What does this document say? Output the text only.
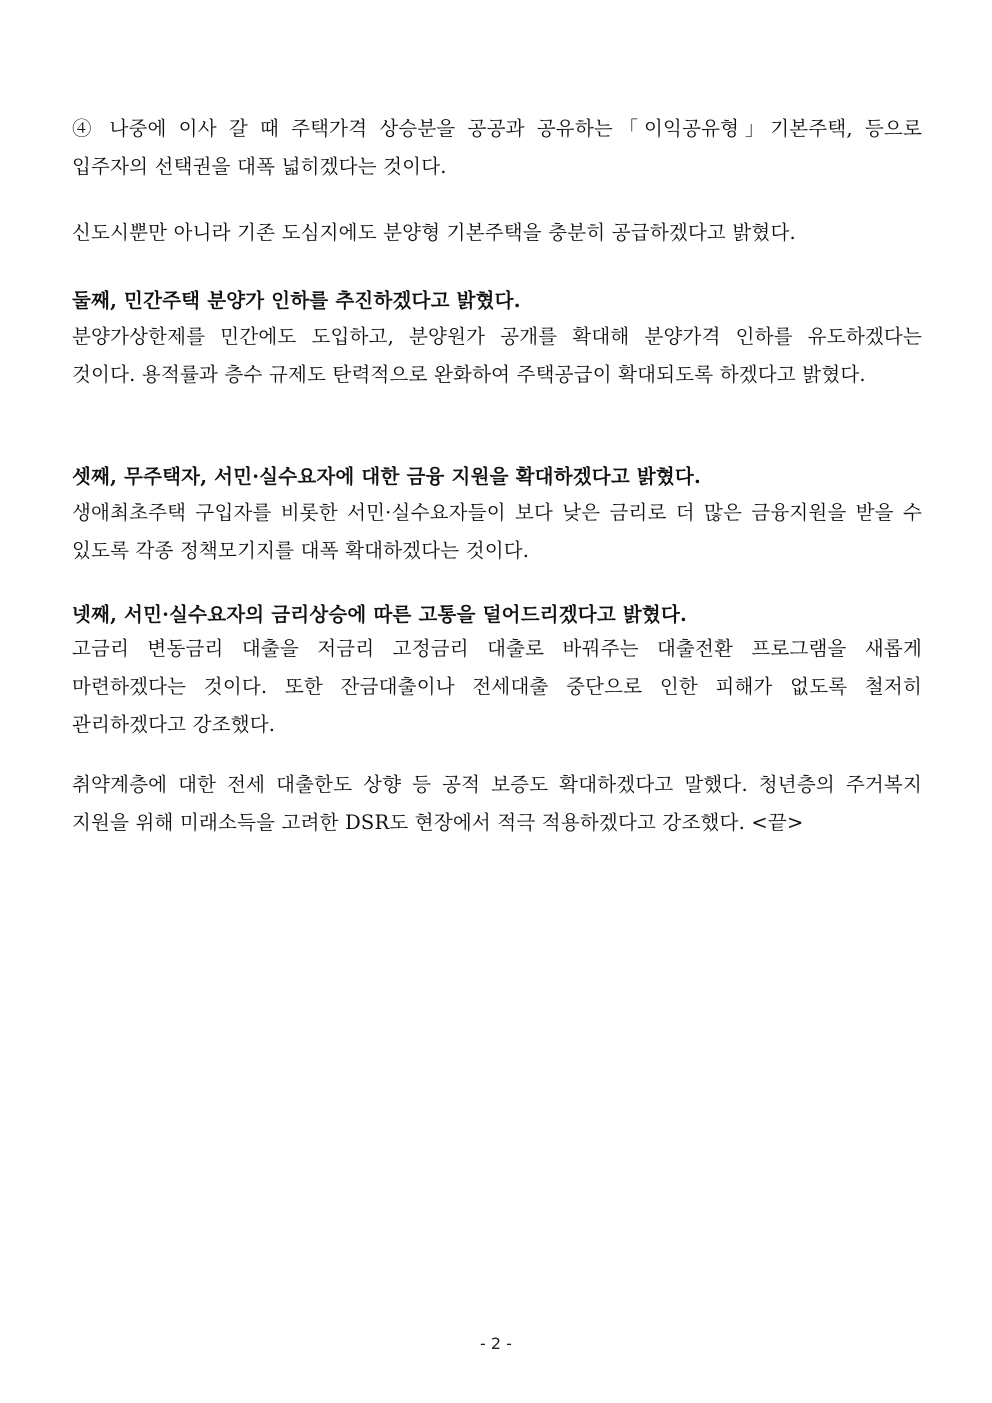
④ 나중에 이사 갈 때 주택가격 상승분을 공공과 공유하는「이익공유형」기본주택, 등으로 입주자의 선택권을 대폭 넓히겠다는 것이다.

신도시뿐만 아니라 기존 도심지에도 분양형 기본주택을 충분히 공급하겠다고 밝혔다.

둘째, 민간주택 분양가 인하를 추진하겠다고 밝혔다.

분양가상한제를 민간에도 도입하고, 분양원가 공개를 확대해 분양가격 인하를 유도하겠다는 것이다. 용적률과 층수 규제도 탄력적으로 완화하여 주택공급이 확대되도록 하겠다고 밝혔다.

셋째, 무주택자, 서민·실수요자에 대한 금융 지원을 확대하겠다고 밝혔다.

생애최초주택 구입자를 비롯한 서민·실수요자들이 보다 낮은 금리로 더 많은 금융지원을 받을 수 있도록 각종 정책모기지를 대폭 확대하겠다는 것이다.

넷째, 서민·실수요자의 금리상승에 따른 고통을 덜어드리겠다고 밝혔다.

고금리 변동금리 대출을 저금리 고정금리 대출로 바꿔주는 대출전환 프로그램을 새롭게 마련하겠다는 것이다. 또한 잔금대출이나 전세대출 중단으로 인한 피해가 없도록 철저히 관리하겠다고 강조했다.

취약계층에 대한 전세 대출한도 상향 등 공적 보증도 확대하겠다고 말했다. 청년층의 주거복지 지원을 위해 미래소득을 고려한 DSR도 현장에서 적극 적용하겠다고 강조했다. <끝>

- 2 -
